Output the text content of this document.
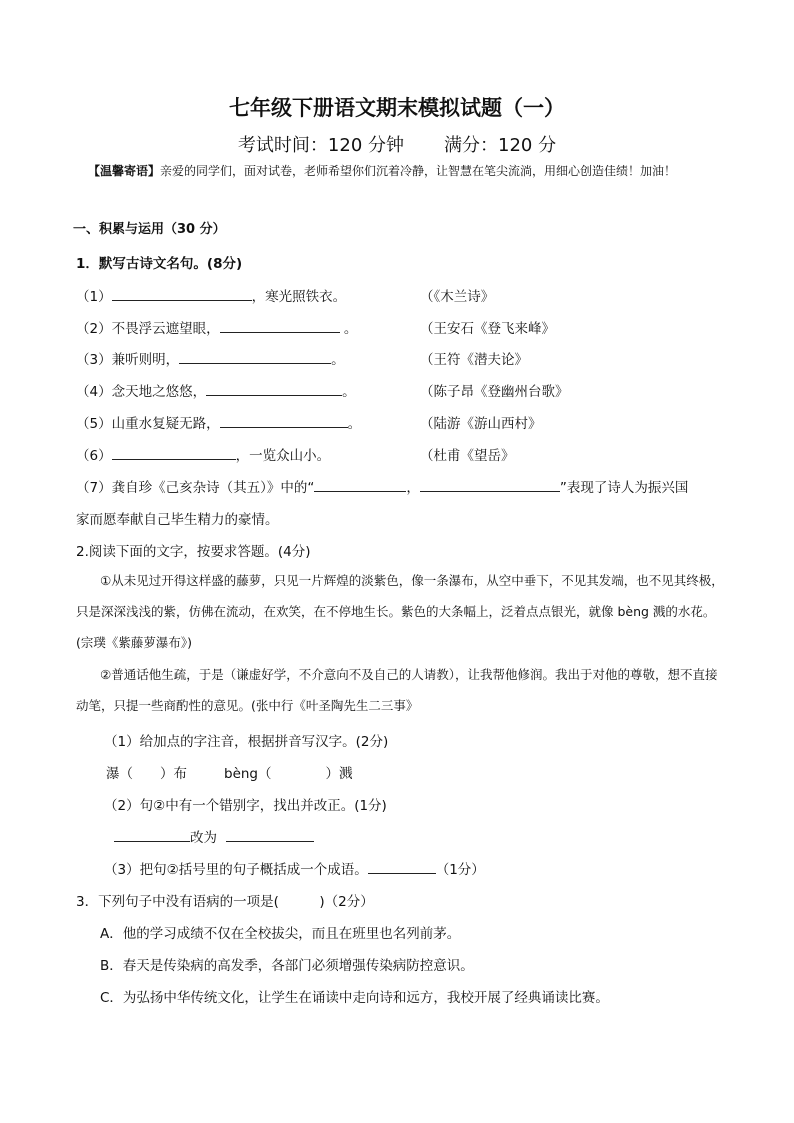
七年级下册语文期末模拟试题（一）
考试时间：120 分钟 满分：120 分
【温馨寄语】亲爱的同学们，面对试卷，老师希望你们沉着冷静，让智慧在笔尖流淌，用细心创造佳绩！加油！
一、积累与运用（30 分）
1．默写古诗文名句。(8分)
（1）	，寒光照铁衣。	（《木兰诗》
（2）不畏浮云遮望眼，	。	（王安石《登飞来峰》
（3）兼听则明，	。	（王符《潜夫论》
（4）念天地之悠悠，	。	（陈子昂《登幽州台歌》
（5）山重水复疑无路，	。	（陆游《游山西村》
（6）	，一览众山小。	（杜甫《望岳》
（7）龚自珍《己亥杂诗（其五）》中的“	，	”表现了诗人为振兴国
家而愿奉献自己毕生精力的豪情。
2.阅读下面的文字，按要求答题。(4分)
①从未见过开得这样盛的藤萝，只见一片辉煌的淡紫色，像一条瀑布，从空中垂下，不见其发端，也不见其终极，只是深深浅浅的紫，仿佛在流动，在欢笑，在不停地生长。紫色的大条幅上，泛着点点银光，就像 bèng 溅的水花。(宗璞《紫藤萝瀑布》)
②普通话他生疏，于是（谦虚好学，不介意向不及自己的人请教），让我帮他修润。我出于对他的尊敬，想不直接动笔，只提一些商酌性的意见。(张中行《叶圣陶先生二三事》
（1）给加点的字注音，根据拼音写汉字。(2分)
瀑（　　）布	bèng（　　　　）溅
（2）句②中有一个错别字，找出并改正。(1分)
改为
（3）把句②括号里的句子概括成一个成语。	（1分）
3．下列句子中没有语病的一项是(　　　)（2分）
A．他的学习成绩不仅在全校拔尖，而且在班里也名列前茅。
B．春天是传染病的高发季，各部门必须增强传染病防控意识。
C．为弘扬中华传统文化，让学生在诵读中走向诗和远方，我校开展了经典诵读比赛。
